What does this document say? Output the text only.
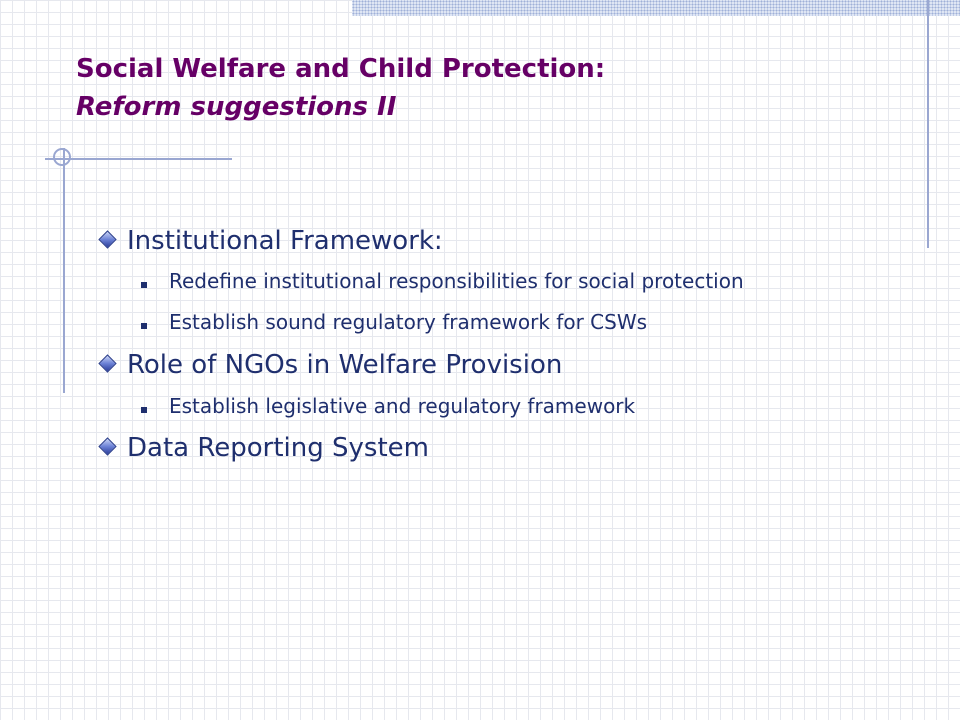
Social Welfare and Child Protection:
Reform suggestions II
Institutional Framework:
Redefine institutional responsibilities for social protection
Establish sound regulatory framework for CSWs
Role of NGOs in Welfare Provision
Establish legislative and regulatory framework
Data Reporting System
